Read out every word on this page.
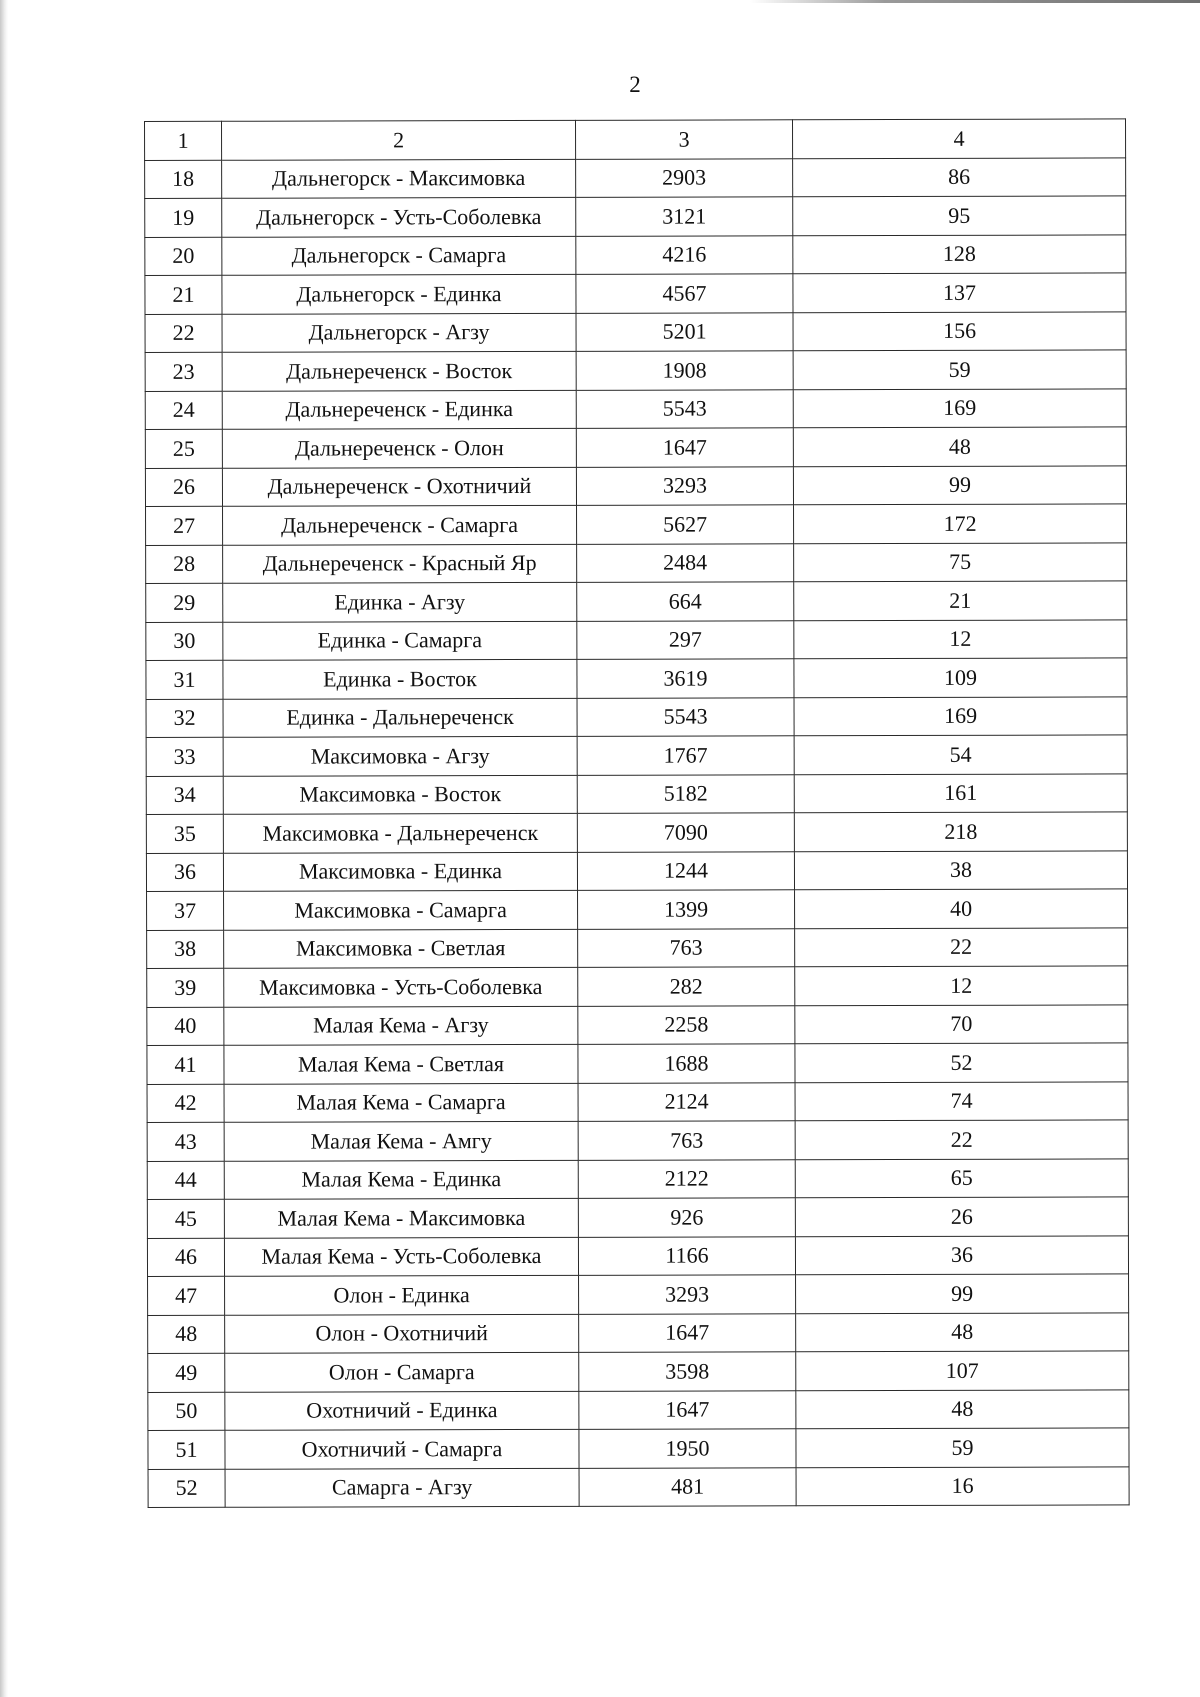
2
1	2	3	4
18	Дальнегорск - Максимовка	2903	86
19	Дальнегорск - Усть-Соболевка	3121	95
20	Дальнегорск - Самарга	4216	128
21	Дальнегорск - Единка	4567	137
22	Дальнегорск - Агзу	5201	156
23	Дальнереченск - Восток	1908	59
24	Дальнереченск - Единка	5543	169
25	Дальнереченск - Олон	1647	48
26	Дальнереченск - Охотничий	3293	99
27	Дальнереченск - Самарга	5627	172
28	Дальнереченск - Красный Яр	2484	75
29	Единка - Агзу	664	21
30	Единка - Самарга	297	12
31	Единка - Восток	3619	109
32	Единка - Дальнереченск	5543	169
33	Максимовка - Агзу	1767	54
34	Максимовка - Восток	5182	161
35	Максимовка - Дальнереченск	7090	218
36	Максимовка - Единка	1244	38
37	Максимовка - Самарга	1399	40
38	Максимовка - Светлая	763	22
39	Максимовка - Усть-Соболевка	282	12
40	Малая Кема - Агзу	2258	70
41	Малая Кема - Светлая	1688	52
42	Малая Кема - Самарга	2124	74
43	Малая Кема - Амгу	763	22
44	Малая Кема - Единка	2122	65
45	Малая Кема - Максимовка	926	26
46	Малая Кема - Усть-Соболевка	1166	36
47	Олон - Единка	3293	99
48	Олон - Охотничий	1647	48
49	Олон - Самарга	3598	107
50	Охотничий - Единка	1647	48
51	Охотничий - Самарга	1950	59
52	Самарга - Агзу	481	16
